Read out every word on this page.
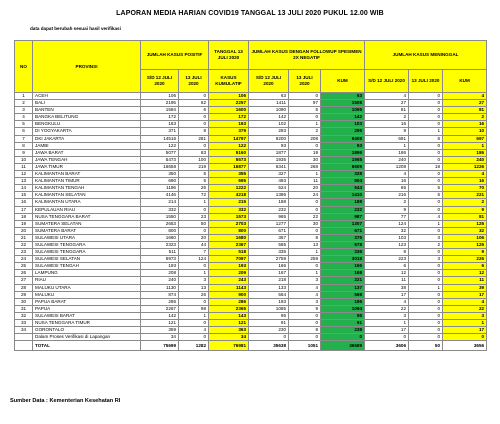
LAPORAN MEDIA HARIAN COVID19 TANGGAL 13 JULI 2020 PUKUL 12.00 WIB
data dapat berubah sesuai hasil verifikasi
NO	PROVINSI	JUMLAH KASUS POSITIF		TANGGAL 13 JULI 2020	JUMLAH KASUS DENGAN FOLLOWUP SPESIMEN 2X NEGATIF			JUMLAH KASUS MENINGGAL		
		S/D 12 JULI 2020	13 JULI 2020	KASUS KUMULATIF	S/D 12 JULI 2020	13 JULI 2020	KUM	S/D 12 JULI 2020	13 JULI 2020	KUM
1	ACEH	106	0	106	63	0	63	4	0	4
2	BALI	2195	62	2257	1411	97	1508	27	0	27
3	BANTEN	1594	6	1600	1090	5	1095	81	0	81
4	BANGKA BELITUNG	172	0	172	142	0	142	2	0	2
5	BENGKULU	163	0	163	102	1	103	16	0	16
6	DI YOGYAKARTA	371	8	379	293	2	295	9	1	10
7	DKI JAKARTA	14516	281	14797	9200	208	9408	691	6	697
8	JAMBI	122	0	122	93	0	93	1	0	1
9	JAWA BARAT	5077	83	5160	1877	19	1896	186	0	186
10	JAWA TENGAH	5473	100	5573	1935	30	1965	240	0	240
11	JAWA TIMUR	16658	219	16877	6341	268	6609	1208	18	1226
12	KALIMANTAN BARAT	350	5	355	327	1	328	4	0	4
13	KALIMANTAN TIMUR	690	5	695	493	11	504	16	0	16
14	KALIMANTAN TENGAH	1196	26	1222	524	20	544	65	5	70
15	KALIMANTAN SELATAN	4146	72	4218	1386	24	1410	216	5	221
16	KALIMANTAN UTARA	214	1	215	188	0	188	2	0	2
17	KEPULAUAN RIAU	332	0	332	232	0	232	9	0	9
18	NUSA TENGGARA BARAT	1550	23	1573	965	22	987	77	4	81
19	SUMATERA SELATAN	2653	50	2703	1277	30	1307	124	1	125
20	SUMATERA BARAT	800	0	800	671	0	671	32	0	32
21	SULAWESI UTARA	1660	20	1680	367	8	375	103	3	106
22	SULAWESI TENGGARA	2323	44	2367	565	13	578	123	2	125
23	SULAWESI TENGGARA	511	7	518	335	1	336	9	0	9
24	SULAWESI SELATAN	6973	124	7097	2759	259	3018	223	3	226
25	SULAWESI TENGAH	193	0	193	166	0	166	6	0	6
26	LAMPUNG	208	1	209	167	1	168	12	0	12
27	RIAU	240	3	243	218	3	221	11	0	11
28	MALUKU UTARA	1130	13	1143	133	4	137	38	1	39
29	MALUKU	874	26	900	564	4	568	17	0	17
30	PAPUA BARAT	286	0	286	193	3	196	4	0	4
31	PAPUA	2267	98	2365	1085	9	1094	22	0	22
32	SULAWESI BARAT	142	1	143	95	0	95	3	0	3
33	NUSA TENGGARA TIMUR	121	0	121	91	0	91	1	0	1
34	GORONTALO	359	4	363	230	8	238	17	0	17
	Dalam Proses Verifikasi di Lapangan	34	0	34	0	0	0	0	0	0
	TOTAL	75699	1282	76981	35638	1051	36689	3606	50	3656
Sumber Data : Kementerian Kesehatan RI
